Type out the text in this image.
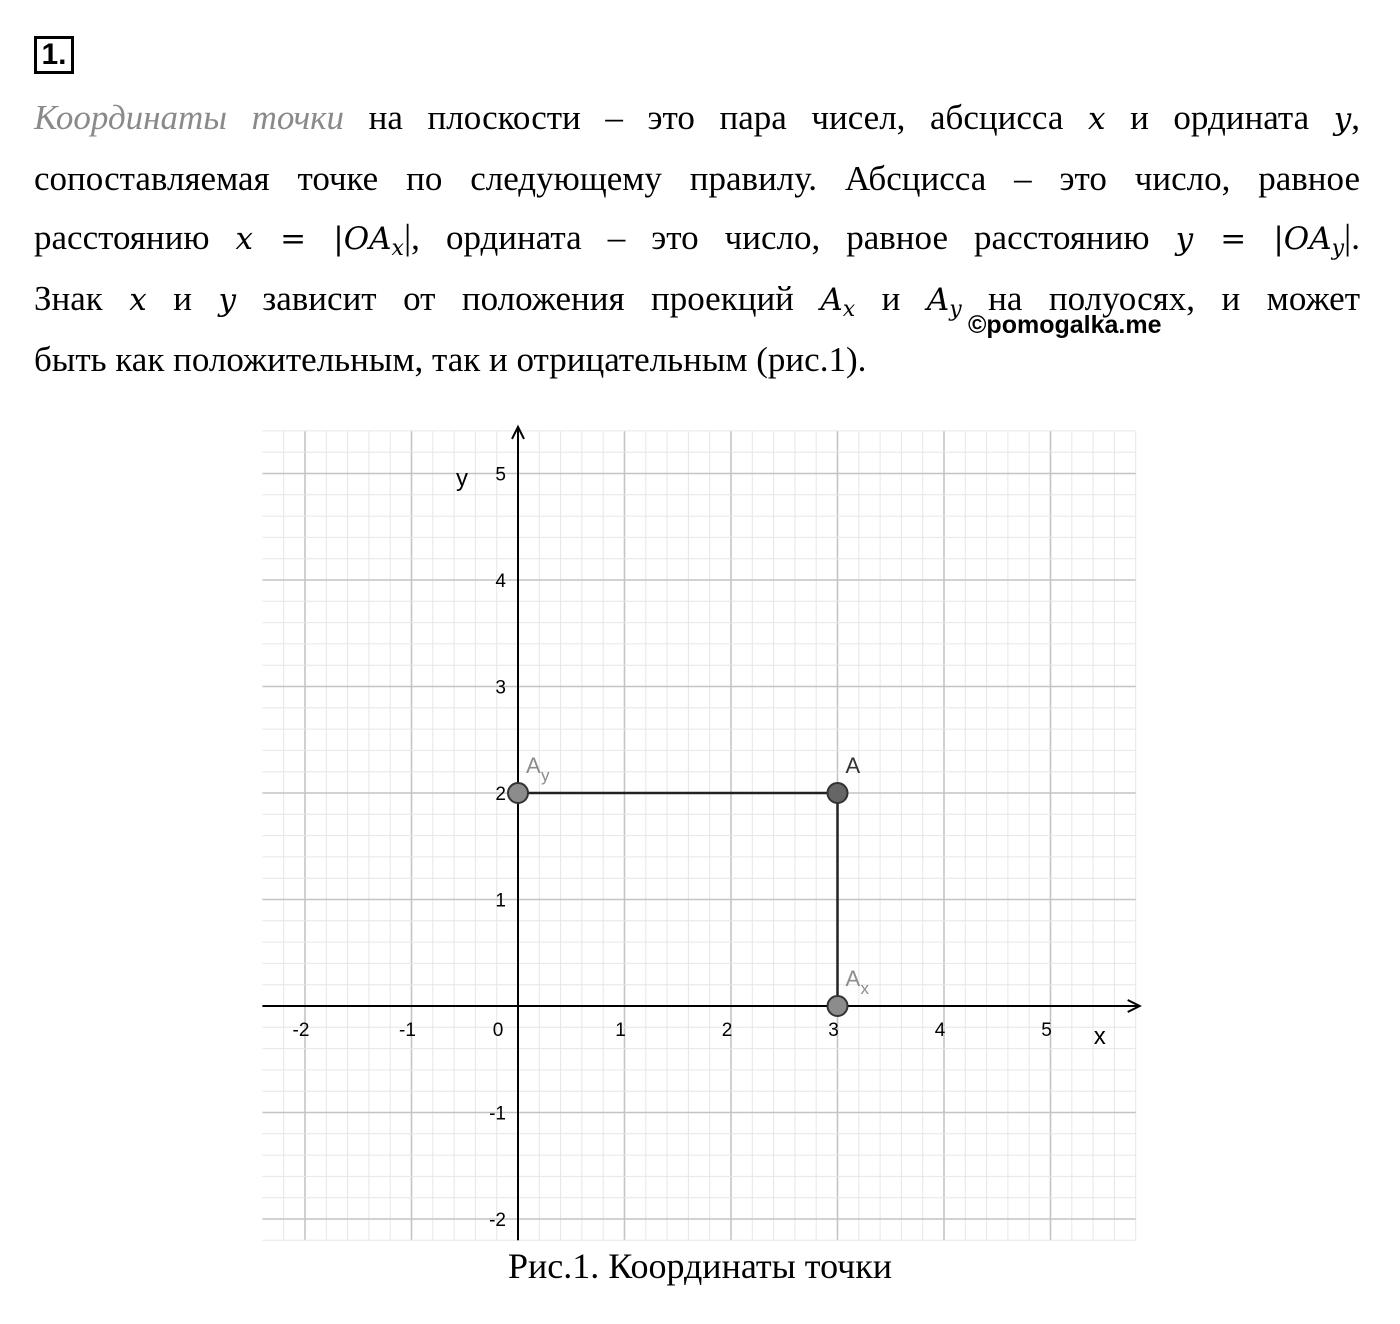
1.
Координаты точки на плоскости – это пара чисел, абсцисса x и ордината y,
сопоставляемая точке по следующему правилу. Абсцисса – это число, равное
расстоянию $x = |OA_x|$, ордината – это число, равное расстоянию $y = |OA_y|$.
Знак x и y зависит от положения проекций $A_x$ и $A_y$ на полуосях, и может
быть как положительным, так и отрицательным (рис.1).
©pomogalka.me
-2	-1	0	1	2	3	4	5
-2
-1
1
2
3
4
5
x
y
A
A y
A x
Рис.1. Координаты точки
